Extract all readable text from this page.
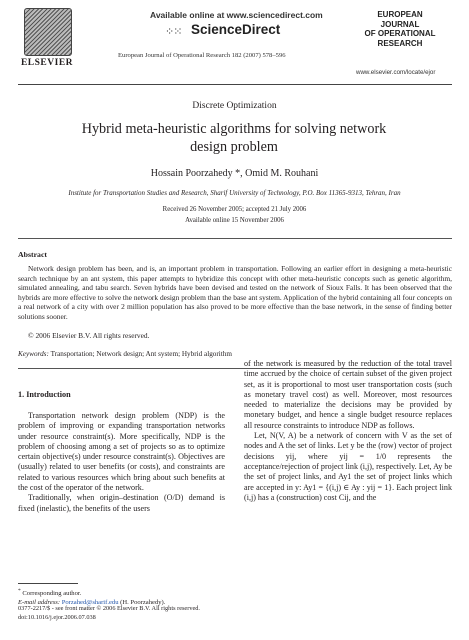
ELSEVIER
Available online at www.sciencedirect.com
⁘⁙ ScienceDirect
European Journal of Operational Research 182 (2007) 578–596
EUROPEAN
JOURNAL
OF OPERATIONAL
RESEARCH
www.elsevier.com/locate/ejor
Discrete Optimization
Hybrid meta-heuristic algorithms for solving network design problem
Hossain Poorzahedy *, Omid M. Rouhani
Institute for Transportation Studies and Research, Sharif University of Technology, P.O. Box 11365-9313, Tehran, Iran
Received 26 November 2005; accepted 21 July 2006
Available online 15 November 2006
Abstract
Network design problem has been, and is, an important problem in transportation. Following an earlier effort in designing a meta-heuristic search technique by an ant system, this paper attempts to hybridize this concept with other meta-heuristic concepts such as genetic algorithm, simulated annealing, and tabu search. Seven hybrids have been devised and tested on the network of Sioux Falls. It has been observed that the hybrids are more effective to solve the network design problem than the base ant system. Application of the hybrid containing all four concepts on a real network of a city with over 2 million population has also proved to be more effective than the base network, in the sense of finding better solutions sooner.
© 2006 Elsevier B.V. All rights reserved.
Keywords: Transportation; Network design; Ant system; Hybrid algorithm
1. Introduction

Transportation network design problem (NDP) is the problem of improving or expanding transportation networks under resource constraint(s). More specifically, NDP is the problem of choosing among a set of projects so as to optimize certain objective(s) under resource constraint(s). Objectives are (usually) related to user benefits (or costs), and constraints are related to various resources which bring about such benefits at the cost of the operator of the network.

Traditionally, when origin–destination (O/D) demand is fixed (inelastic), the benefits of the users

of the network is measured by the reduction of the total travel time accrued by the choice of certain subset of the given project set, as it is proportional to most user transportation costs (such as monetary travel cost) as well. Moreover, most resources needed to materialize the decisions may be provided by monetary budget, and hence a single budget resource replaces all resource constraints to introduce NDP as follows.

Let, N(V, A) be a network of concern with V as the set of nodes and A the set of links. Let y be the (row) vector of project decisions yij, where yij = 1/0 represents the acceptance/rejection of project link (i,j), respectively. Let, Ay be the set of project links, and Ay1 the set of project links which are accepted in y: Ay1 = {(i,j) ∈ Ay : yij = 1}. Each project link (i,j) has a (construction) cost Cij, and the

* Corresponding author.
E-mail address: Porzahed@sharif.edu (H. Poorzahedy).
0377-2217/$ - see front matter © 2006 Elsevier B.V. All rights reserved.
doi:10.1016/j.ejor.2006.07.038
